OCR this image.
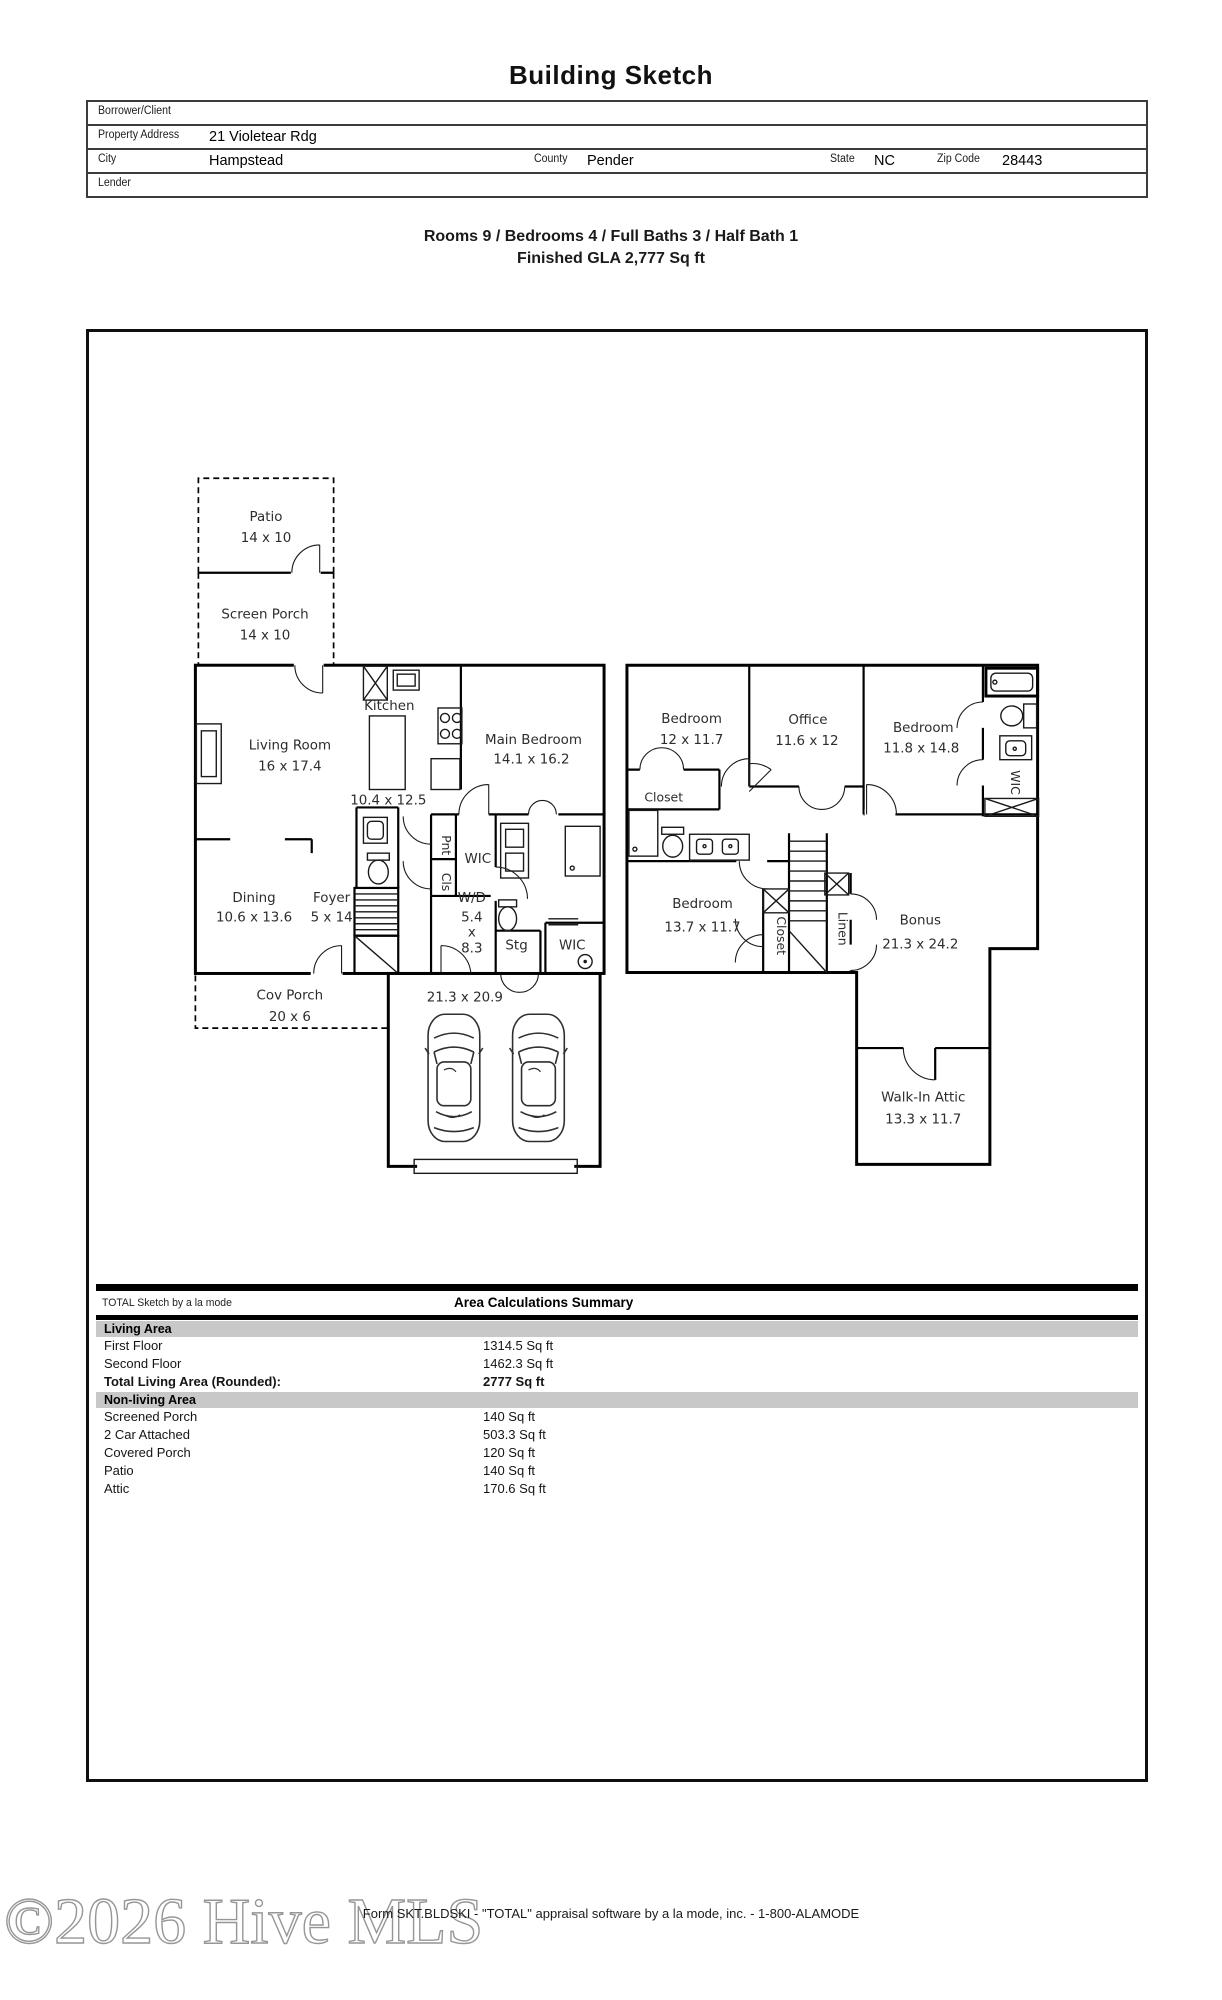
Building Sketch
Borrower/Client
Property Address 21 Violetear Rdg
City	Hampstead	County Pender	State NC	Zip Code 28443
Lender
Rooms 9 / Bedrooms 4 / Full Baths 3 / Half Bath 1
Finished GLA 2,777 Sq ft
Patio
14 x 10
Screen Porch
14 x 10
Living Room
16 x 17.4
Kitchen
10.4 x 12.5
Main Bedroom
14.1 x 16.2
Bedroom
12 x 11.7
Office
11.6 x 12
Bedroom
11.8 x 14.8
Closet
WIC
Dining
10.6 x 13.6
Foyer
5 x 14
Pnt
Cls
WIC
W/D
5.4
x
8.3 Stg WIC
Bedroom
13.7 x 11.7	Closet	Linen	Bonus
21.3 x 24.2
Cov Porch
20 x 6
21.3 x 20.9
Walk-In Attic
13.3 x 11.7
TOTAL Sketch by a la mode	Area Calculations Summary
Living Area
First Floor	1314.5 Sq ft
Second Floor	1462.3 Sq ft
Total Living Area (Rounded):	2777 Sq ft
Non-living Area
Screened Porch	140 Sq ft
2 Car Attached	503.3 Sq ft
Covered Porch	120 Sq ft
Patio	140 Sq ft
Attic	170.6 Sq ft
©2026 Hive MLS
Form SKT.BLDSKI - "TOTAL" appraisal software by a la mode, inc. - 1-800-ALAMODE
